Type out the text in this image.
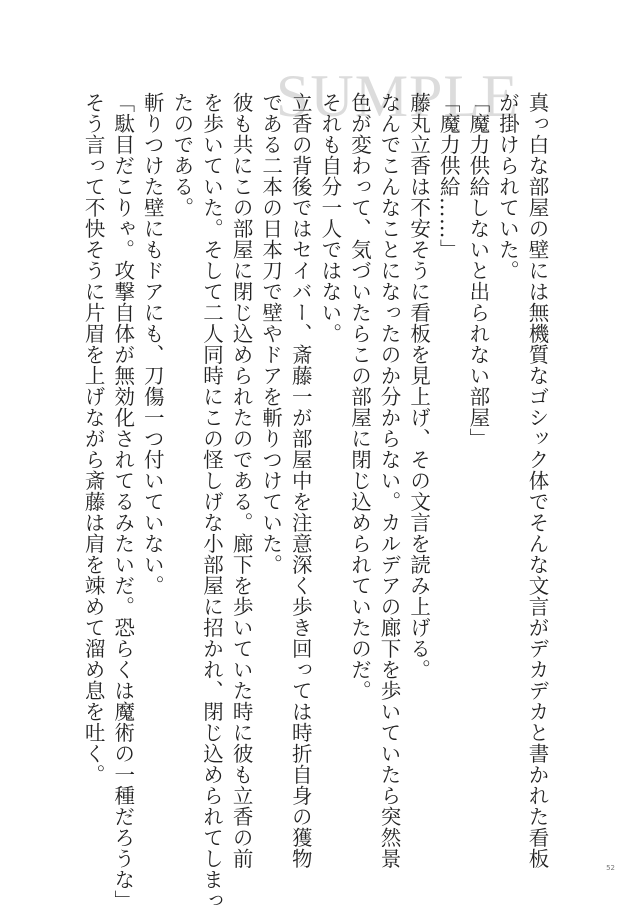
SUMPLE 真っ白な部屋の壁には無機質なゴシック体でそんな文言がデカデカと書かれた看板
が掛けられていた。
「魔力供給しないと出られない部屋」
「魔力供給……」
藤丸立香は不安そうに看板を見上げ、その文言を読み上げる。
なんでこんなことになったのか分からない。カルデアの廊下を歩いていたら突然景
色が変わって、気づいたらこの部屋に閉じ込められていたのだ。
それも自分一人ではない。
立香の背後ではセイバー、斎藤一が部屋中を注意深く歩き回っては時折自身の獲物
である二本の日本刀で壁やドアを斬りつけていた。
彼も共にこの部屋に閉じ込められたのである。廊下を歩いていた時に彼も立香の前
を歩いていた。そして二人同時にこの怪しげな小部屋に招かれ、閉じ込められてしまっ
たのである。
斬りつけた壁にもドアにも、刀傷一つ付いていない。
「駄目だこりゃ。攻撃自体が無効化されてるみたいだ。恐らくは魔術の一種だろうな」
そう言って不快そうに片眉を上げながら斎藤は肩を竦めて溜め息を吐く。
52
